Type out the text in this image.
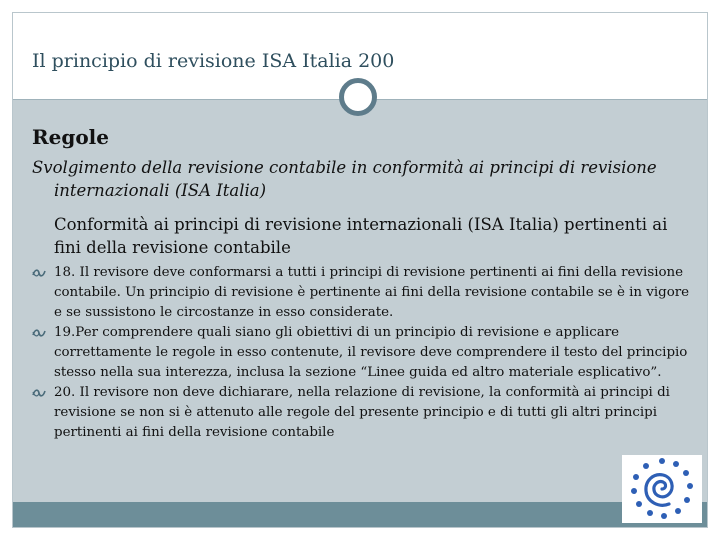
Il principio di revisione ISA Italia 200
Regole
Svolgimento della revisione contabile in conformità ai principi di revisione internazionali (ISA Italia)
Conformità ai principi di revisione internazionali (ISA Italia) pertinenti ai fini della revisione contabile
18. Il revisore deve conformarsi a tutti i principi di revisione pertinenti ai fini della revisione contabile. Un principio di revisione è pertinente ai fini della revisione contabile se è in vigore e se sussistono le circostanze in esso considerate.
19.Per comprendere quali siano gli obiettivi di un principio di revisione e applicare correttamente le regole in esso contenute, il revisore deve comprendere il testo del principio stesso nella sua interezza, inclusa la sezione “Linee guida ed altro materiale esplicativo”.
20. Il revisore non deve dichiarare, nella relazione di revisione, la conformità ai principi di revisione se non si è attenuto alle regole del presente principio e di tutti gli altri principi pertinenti ai fini della revisione contabile
